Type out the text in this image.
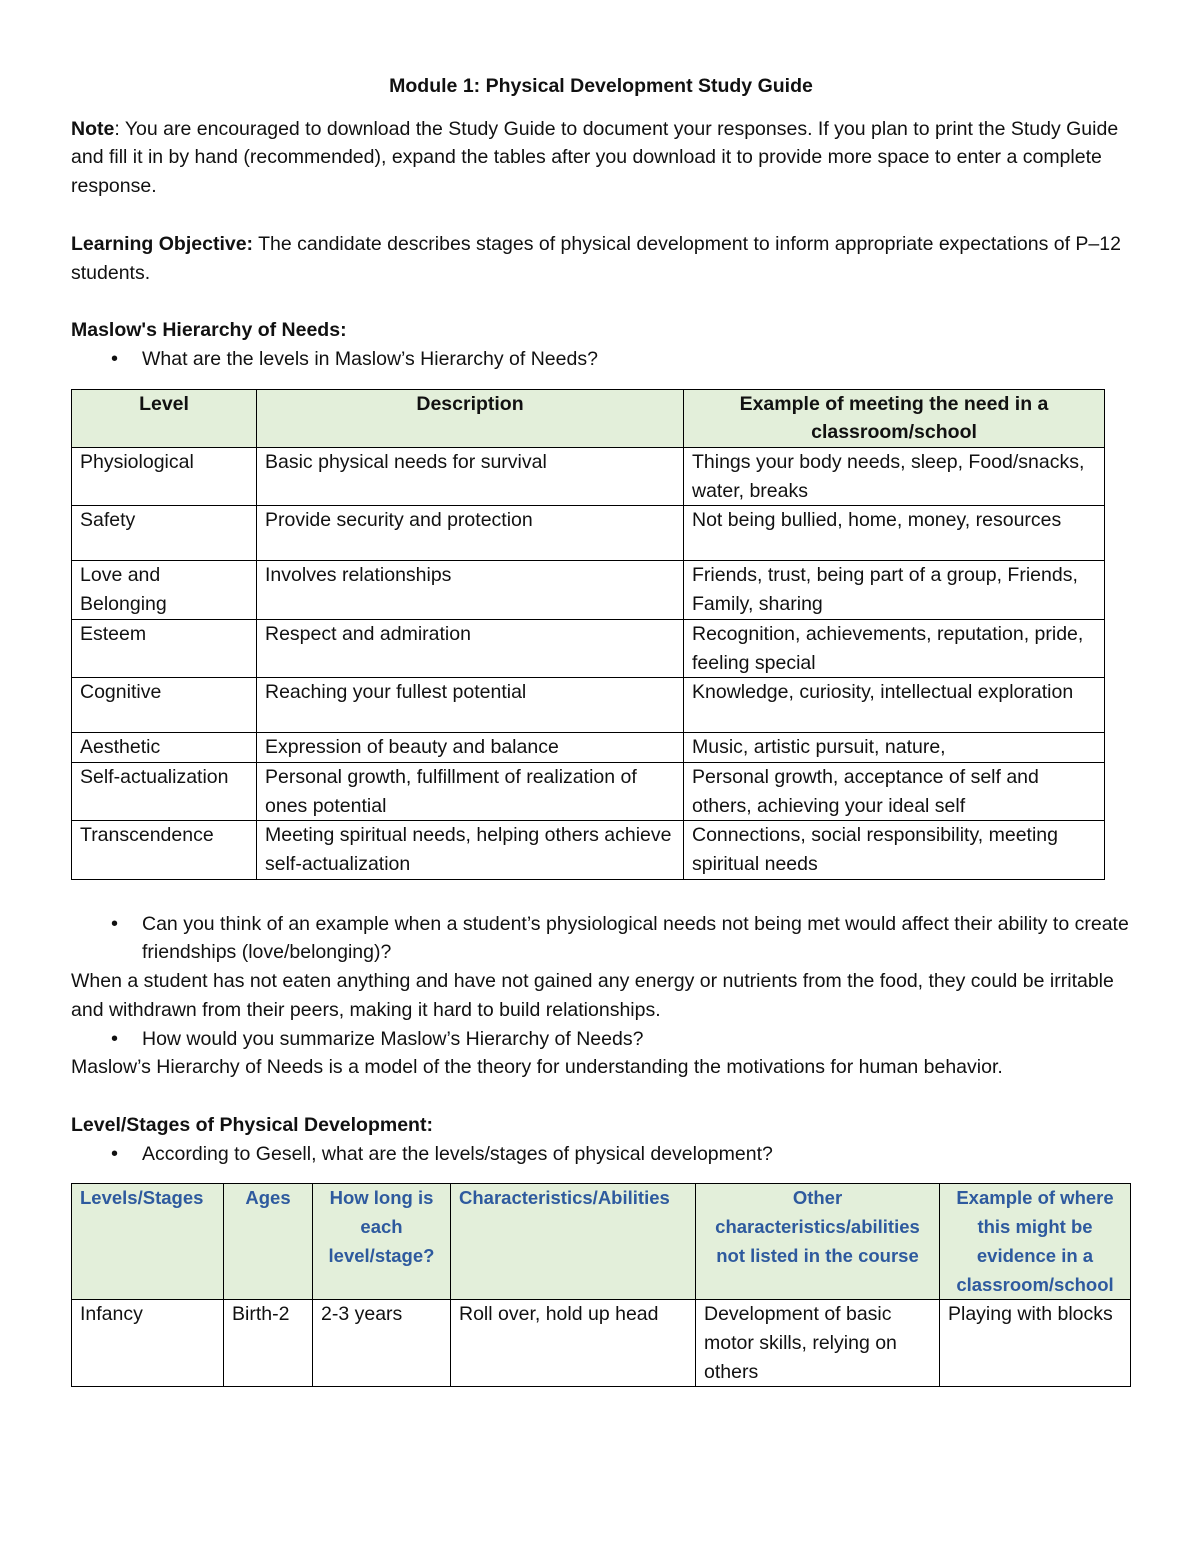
Module 1: Physical Development Study Guide

Note: You are encouraged to download the Study Guide to document your responses. If you plan to print the Study Guide and fill it in by hand (recommended), expand the tables after you download it to provide more space to enter a complete response.

Learning Objective: The candidate describes stages of physical development to inform appropriate expectations of P–12 students.

Maslow's Hierarchy of Needs:

• What are the levels in Maslow’s Hierarchy of Needs?
Level	Description	Example of meeting the need in a classroom/school
Physiological	Basic physical needs for survival	Things your body needs, sleep, Food/snacks, water, breaks
Safety	Provide security and protection	Not being bullied, home, money, resources
Love and Belonging	Involves relationships	Friends, trust, being part of a group, Friends, Family, sharing
Esteem	Respect and admiration	Recognition, achievements, reputation, pride, feeling special
Cognitive	Reaching your fullest potential	Knowledge, curiosity, intellectual exploration
Aesthetic	Expression of beauty and balance	Music, artistic pursuit, nature,
Self-actualization	Personal growth, fulfillment of realization of ones potential	Personal growth, acceptance of self and others, achieving your ideal self
Transcendence	Meeting spiritual needs, helping others achieve self-actualization	Connections, social responsibility, meeting spiritual needs
• Can you think of an example when a student’s physiological needs not being met would affect their ability to create friendships (love/belonging)?

When a student has not eaten anything and have not gained any energy or nutrients from the food, they could be irritable and withdrawn from their peers, making it hard to build relationships.

• How would you summarize Maslow’s Hierarchy of Needs?

Maslow’s Hierarchy of Needs is a model of the theory for understanding the motivations for human behavior.

Level/Stages of Physical Development:

• According to Gesell, what are the levels/stages of physical development?
Levels/Stages	Ages	How long is each level/stage?	Characteristics/Abilities	Other characteristics/abilities not listed in the course	Example of where this might be evidence in a classroom/school
Infancy	Birth-2	2-3 years	Roll over, hold up head	Development of basic motor skills, relying on others	Playing with blocks
